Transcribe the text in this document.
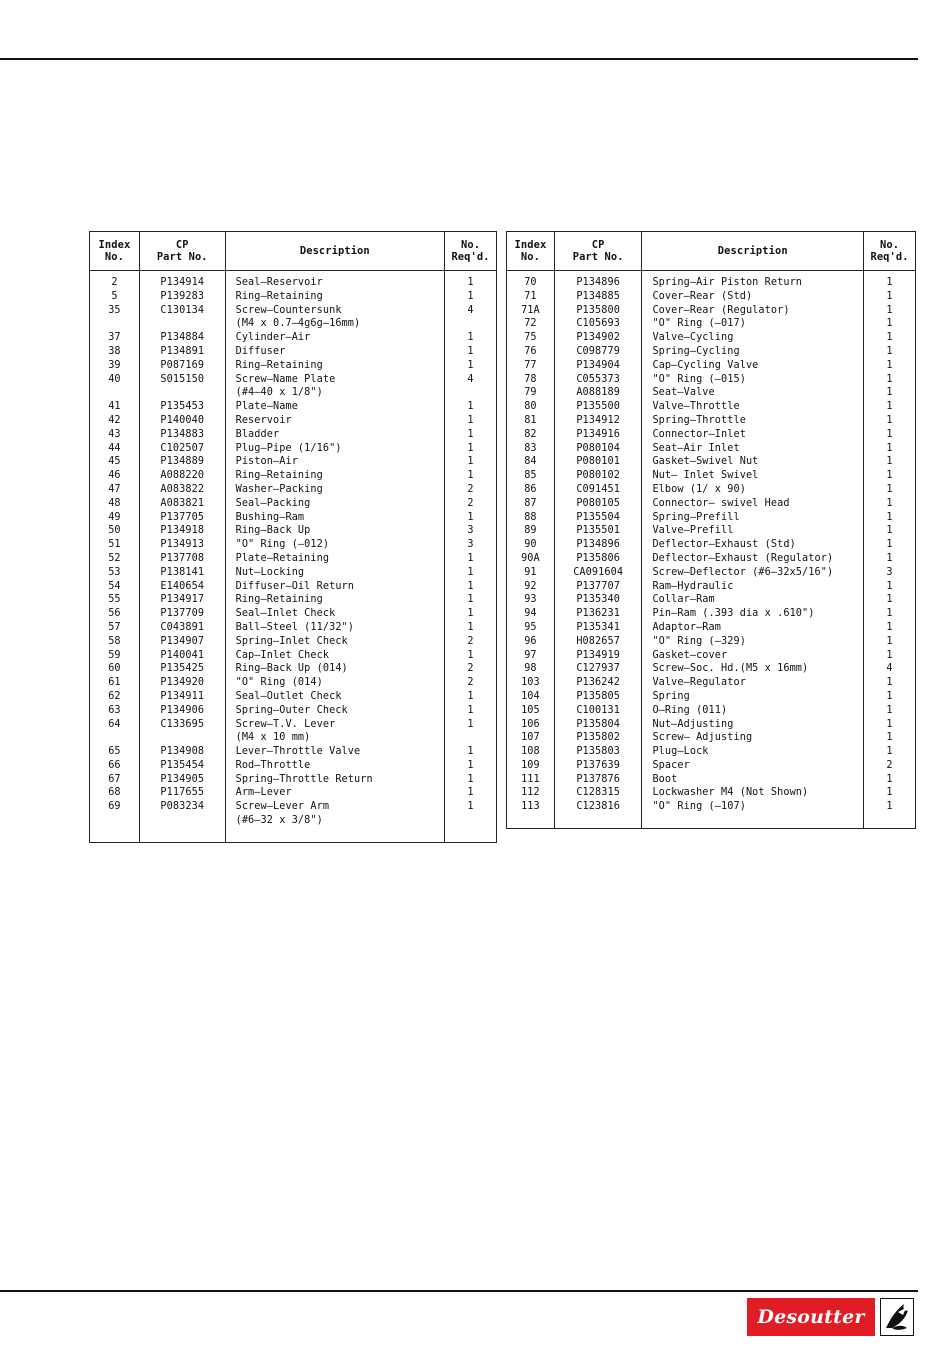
Index
No.	CP
Part No.	Description	No.
Req'd.
2	P134914	Seal–Reservoir	1
5	P139283	Ring–Retaining	1
35	C130134	Screw–Countersunk
(M4 x 0.7–4g6g–16mm)	4
37	P134884	Cylinder–Air	1
38	P134891	Diffuser	1
39	P087169	Ring–Retaining	1
40	S015150	Screw–Name Plate
(#4–40 x 1/8")	4
41	P135453	Plate–Name	1
42	P140040	Reservoir	1
43	P134883	Bladder	1
44	C102507	Plug–Pipe (1/16")	1
45	P134889	Piston–Air	1
46	A088220	Ring–Retaining	1
47	A083822	Washer–Packing	2
48	A083821	Seal–Packing	2
49	P137705	Bushing–Ram	1
50	P134918	Ring–Back Up	3
51	P134913	"O" Ring (–012)	3
52	P137708	Plate–Retaining	1
53	P138141	Nut–Locking	1
54	E140654	Diffuser–Oil Return	1
55	P134917	Ring–Retaining	1
56	P137709	Seal–Inlet Check	1
57	C043891	Ball–Steel (11/32")	1
58	P134907	Spring–Inlet Check	2
59	P140041	Cap–Inlet Check	1
60	P135425	Ring–Back Up (014)	2
61	P134920	"O" Ring (014)	2
62	P134911	Seal–Outlet Check	1
63	P134906	Spring–Outer Check	1
64	C133695	Screw–T.V. Lever
(M4 x 10 mm)	1
65	P134908	Lever–Throttle Valve	1
66	P135454	Rod–Throttle	1
67	P134905	Spring–Throttle Return	1
68	P117655	Arm–Lever	1
69	P083234	Screw–Lever Arm
(#6–32 x 3/8")	1
Index
No.	CP
Part No.	Description	No.
Req'd.
70	P134896	Spring–Air Piston Return	1
71	P134885	Cover–Rear (Std)	1
71A	P135800	Cover–Rear (Regulator)	1
72	C105693	"O" Ring (–017)	1
75	P134902	Valve–Cycling	1
76	C098779	Spring–Cycling	1
77	P134904	Cap–Cycling Valve	1
78	C055373	"O" Ring (–015)	1
79	A088189	Seat–Valve	1
80	P135500	Valve–Throttle	1
81	P134912	Spring–Throttle	1
82	P134916	Connector–Inlet	1
83	P080104	Seat–Air Inlet	1
84	P080101	Gasket–Swivel Nut	1
85	P080102	Nut– Inlet Swivel	1
86	C091451	Elbow (1/ x 90)	1
87	P080105	Connector– swivel Head	1
88	P135504	Spring–Prefill	1
89	P135501	Valve–Prefill	1
90	P134896	Deflector–Exhaust (Std)	1
90A	P135806	Deflector–Exhaust (Regulator)	1
91	CA091604	Screw–Deflector (#6–32x5/16")	3
92	P137707	Ram–Hydraulic	1
93	P135340	Collar–Ram	1
94	P136231	Pin–Ram (.393 dia x .610")	1
95	P135341	Adaptor–Ram	1
96	H082657	"O" Ring (–329)	1
97	P134919	Gasket–cover	1
98	C127937	Screw–Soc. Hd.(M5 x 16mm)	4
103	P136242	Valve–Regulator	1
104	P135805	Spring	1
105	C100131	O–Ring (011)	1
106	P135804	Nut–Adjusting	1
107	P135802	Screw– Adjusting	1
108	P135803	Plug–Lock	1
109	P137639	Spacer	2
111	P137876	Boot	1
112	C128315	Lockwasher M4 (Not Shown)	1
113	C123816	"O" Ring (–107)	1
Desoutter
